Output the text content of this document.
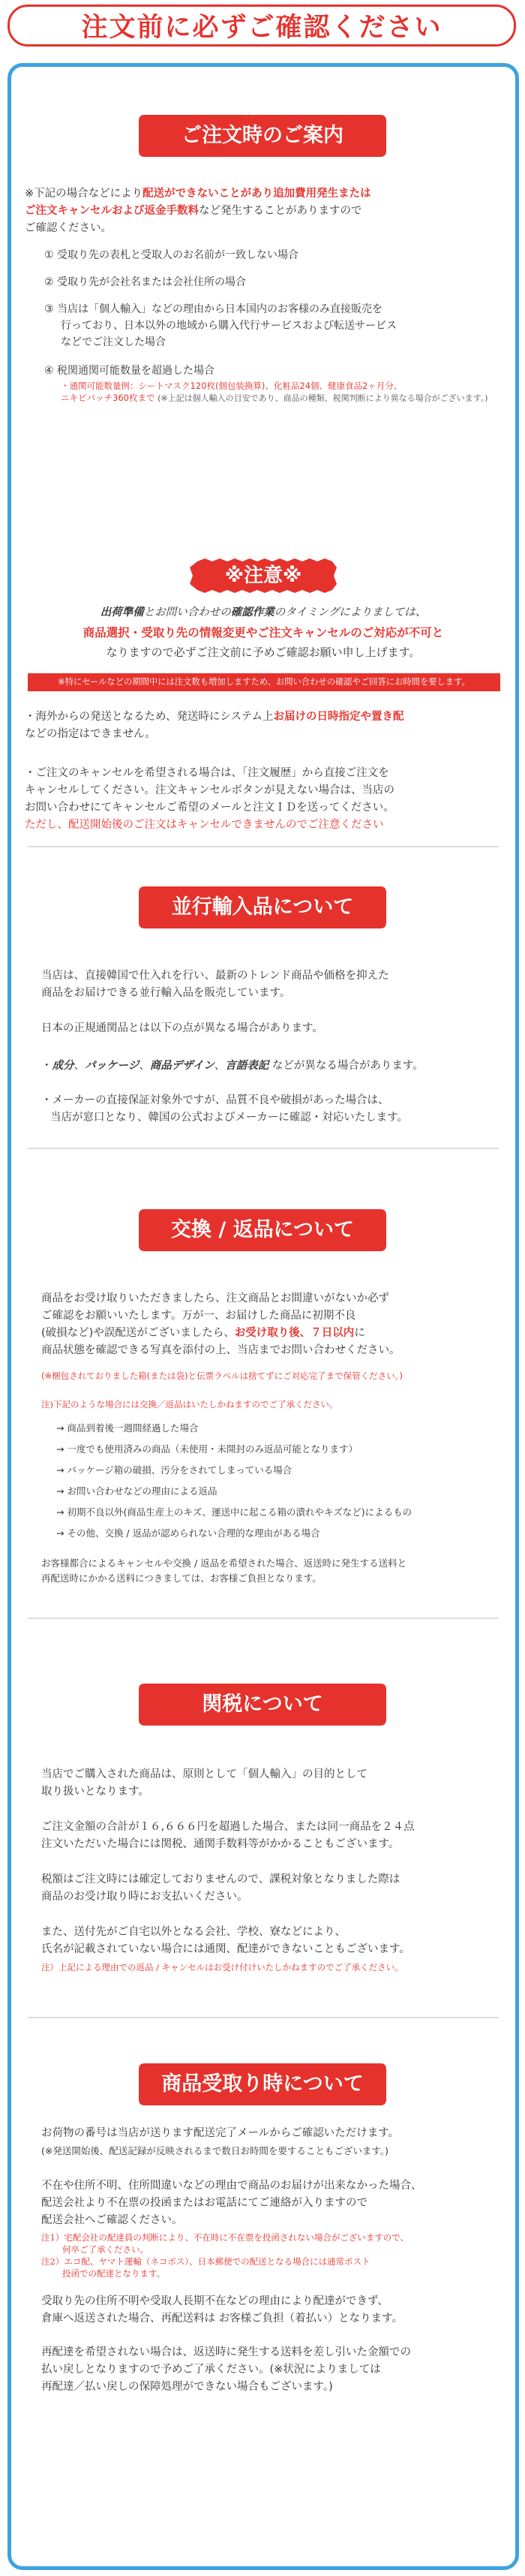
注文前に必ずご確認ください
ご注文時のご案内
※下記の場合などにより配送ができないことがあり追加費用発生または
ご注文キャンセルおよび返金手数料など発生することがありますので
ご確認ください。
① 受取り先の表札と受取人のお名前が一致しない場合
② 受取り先が会社名または会社住所の場合
③ 当店は「個人輸入」などの理由から日本国内のお客様のみ直接販売を
行っており、日本以外の地域から購入代行サービスおよび転送サービス
などでご注文した場合
④ 税関通関可能数量を超過した場合
・通関可能数量例：シートマスク120枚(個包装換算)、化粧品24個、健康食品2ヶ月分、
ニキビパッチ360枚まで (※上記は個人輸入の目安であり、商品の種類、税関判断により異なる場合がございます。)
※注意※
出荷準備とお問い合わせの確認作業のタイミングによりましては、
商品選択・受取り先の情報変更やご注文キャンセルのご対応が不可と
なりますので必ずご注文前に予めご確認お願い申し上げます。
※特にセールなどの期間中には注文数も増加しますため、お問い合わせの確認やご回答にお時間を要します。
・海外からの発送となるため、発送時にシステム上お届けの日時指定や置き配
などの指定はできません。
・ご注文のキャンセルを希望される場合は、「注文履歴」から直接ご注文を
キャンセルしてください。注文キャンセルボタンが見えない場合は、当店の
お問い合わせにてキャンセルご希望のメールと注文ＩＤを送ってください。
ただし、配送開始後のご注文はキャンセルできませんのでご注意ください
並行輸入品について
当店は、直接韓国で仕入れを行い、最新のトレンド商品や価格を抑えた
商品をお届けできる並行輸入品を販売しています。
日本の正規通関品とは以下の点が異なる場合があります。
・成分、パッケージ、商品デザイン、言語表記 などが異なる場合があります。
・メーカーの直接保証対象外ですが、品質不良や破損があった場合は、
当店が窓口となり、韓国の公式およびメーカーに確認・対応いたします。
交換 / 返品について
商品をお受け取りいただきましたら、注文商品とお間違いがないか必ず
ご確認をお願いいたします。万が一、お届けした商品に初期不良
(破損など)や誤配送がございましたら、お受け取り後、７日以内に
商品状態を確認できる写真を添付の上、当店までお問い合わせください。
(※梱包されておりました箱(または袋)と伝票ラベルは捨てずにご対応完了まで保管ください。)
注)下記のような場合には交換／返品はいたしかねますのでご了承ください。
→ 商品到着後一週間経過した場合
→ 一度でも使用済みの商品（未使用・未開封のみ返品可能となります）
→ パッケージ箱の破損、汚分をされてしまっている場合
→ お問い合わせなどの理由による返品
→ 初期不良以外(商品生産上のキズ、運送中に起こる箱の潰れやキズなど)によるもの
→ その他、交換 / 返品が認められない合理的な理由がある場合
お客様都合によるキャンセルや交換 / 返品を希望された場合、返送時に発生する送料と
再配送時にかかる送料につきましては、お客様ご負担となります。
関税について
当店でご購入された商品は、原則として「個人輸入」の目的として
取り扱いとなります。
ご注文金額の合計が１６,６６６円を超過した場合、または同一商品を２４点
注文いただいた場合には関税、通関手数料等がかかることもございます。
税額はご注文時には確定しておりませんので、課税対象となりました際は
商品のお受け取り時にお支払いください。
また、送付先がご自宅以外となる会社、学校、寮などにより、
氏名が記載されていない場合には通関、配達ができないこともございます。
注）上記による理由での返品 / キャンセルはお受け付けいたしかねますのでご了承ください。
商品受取り時について
お荷物の番号は当店が送ります配送完了メールからご確認いただけます。
(※発送開始後、配送記録が反映されるまで数日お時間を要することもございます。)
不在や住所不明、住所間違いなどの理由で商品のお届けが出来なかった場合、
配送会社より不在票の投函またはお電話にてご連絡が入りますので
配送会社へご確認ください。
注1）宅配会社の配達員の判断により、不在時に不在票を投函されない場合がございますので、
何卒ご了承ください。
注2）エコ配、ヤマト運輸（ネコポス）、日本郵便での配送となる場合には通常ポスト
投函での配達となります。
受取り先の住所不明や受取人長期不在などの理由により配達ができず、
倉庫へ返送された場合、再配送料は お客様ご負担（着払い）となります。
再配達を希望されない場合は、返送時に発生する送料を差し引いた金額での
払い戻しとなりますので予めご了承ください。(※状況によりましては
再配達／払い戻しの保障処理ができない場合もございます。)
